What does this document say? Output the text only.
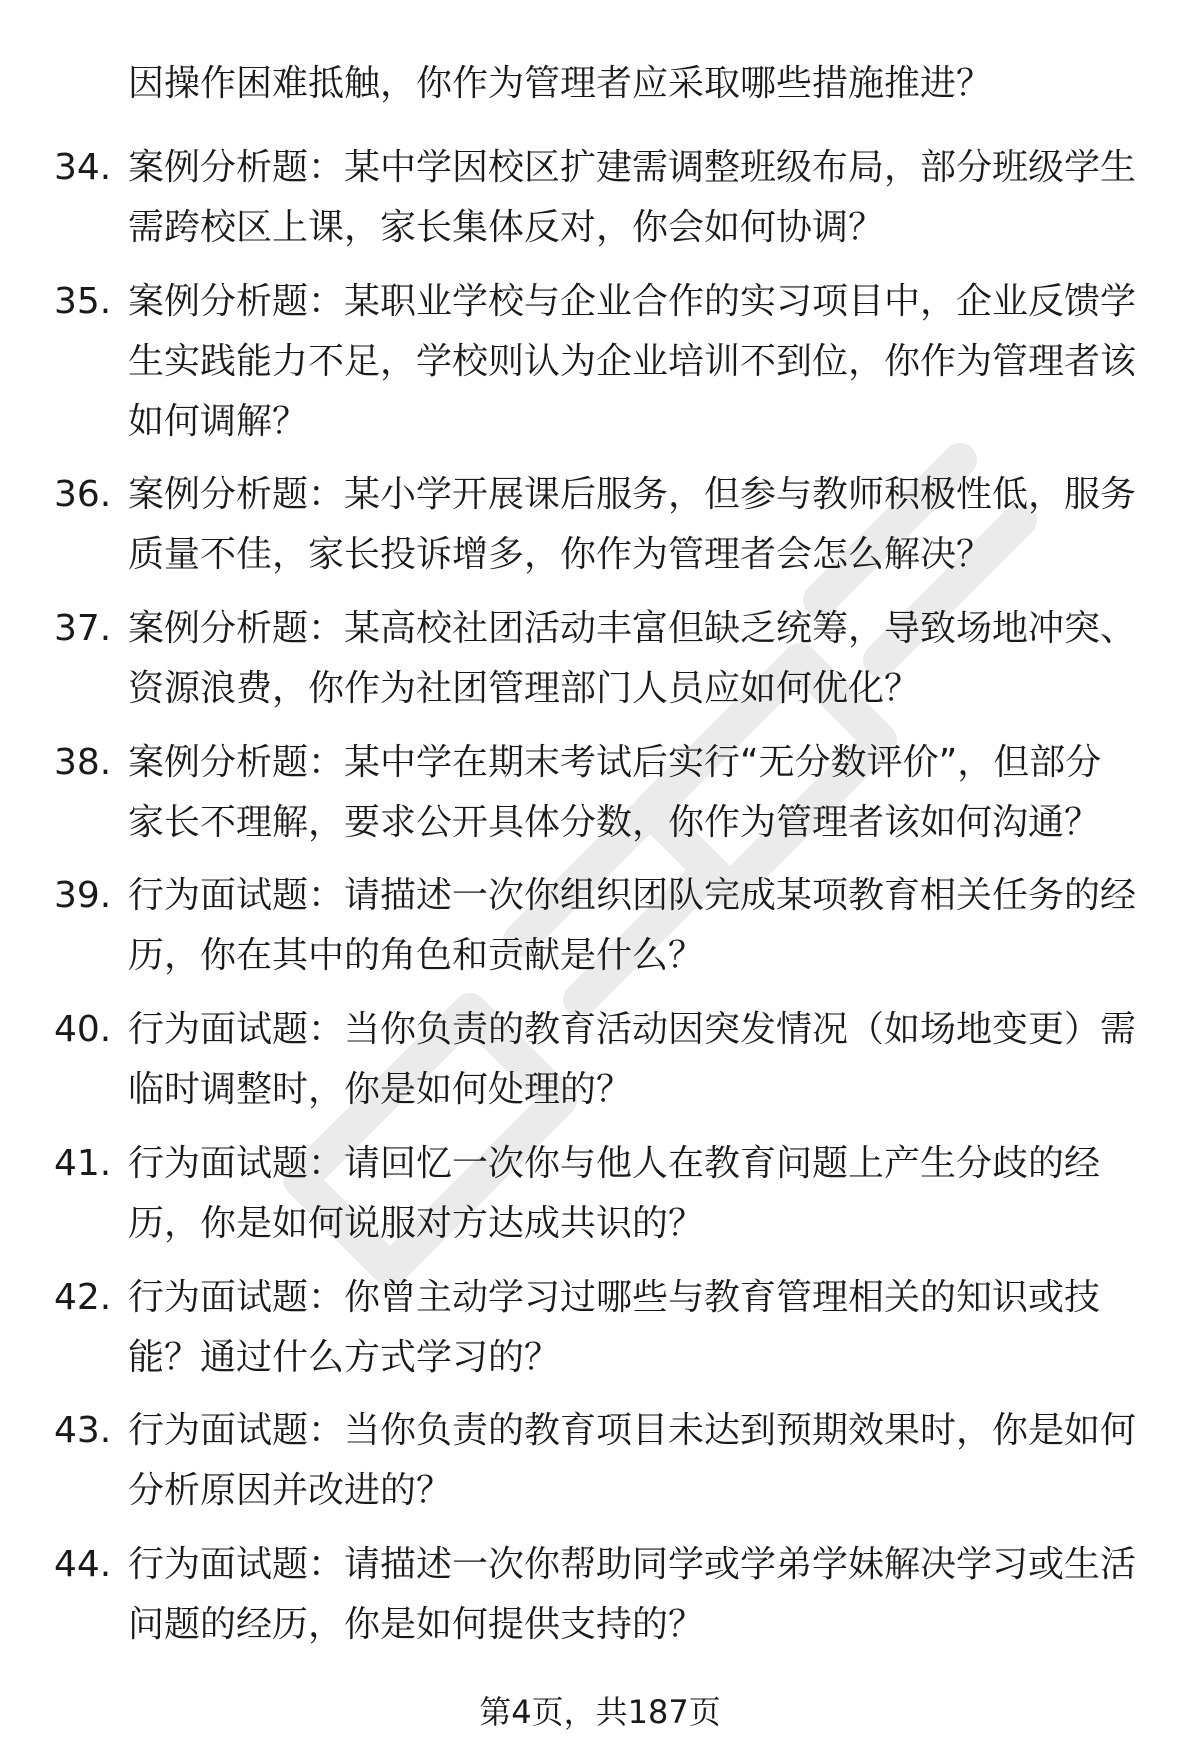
因操作困难抵触，你作为管理者应采取哪些措施推进？
34. 案例分析题：某中学因校区扩建需调整班级布局，部分班级学生
需跨校区上课，家长集体反对，你会如何协调？
35. 案例分析题：某职业学校与企业合作的实习项目中，企业反馈学
生实践能力不足，学校则认为企业培训不到位，你作为管理者该
如何调解？
36. 案例分析题：某小学开展课后服务，但参与教师积极性低，服务
质量不佳，家长投诉增多，你作为管理者会怎么解决？
37. 案例分析题：某高校社团活动丰富但缺乏统筹，导致场地冲突、
资源浪费，你作为社团管理部门人员应如何优化？
38. 案例分析题：某中学在期末考试后实行“无分数评价”，但部分
家长不理解，要求公开具体分数，你作为管理者该如何沟通？
39. 行为面试题：请描述一次你组织团队完成某项教育相关任务的经
历，你在其中的角色和贡献是什么？
40. 行为面试题：当你负责的教育活动因突发情况（如场地变更）需
临时调整时，你是如何处理的？
41. 行为面试题：请回忆一次你与他人在教育问题上产生分歧的经
历，你是如何说服对方达成共识的？
42. 行为面试题：你曾主动学习过哪些与教育管理相关的知识或技
能？通过什么方式学习的？
43. 行为面试题：当你负责的教育项目未达到预期效果时，你是如何
分析原因并改进的？
44. 行为面试题：请描述一次你帮助同学或学弟学妹解决学习或生活
问题的经历，你是如何提供支持的？
第4页，共187页
